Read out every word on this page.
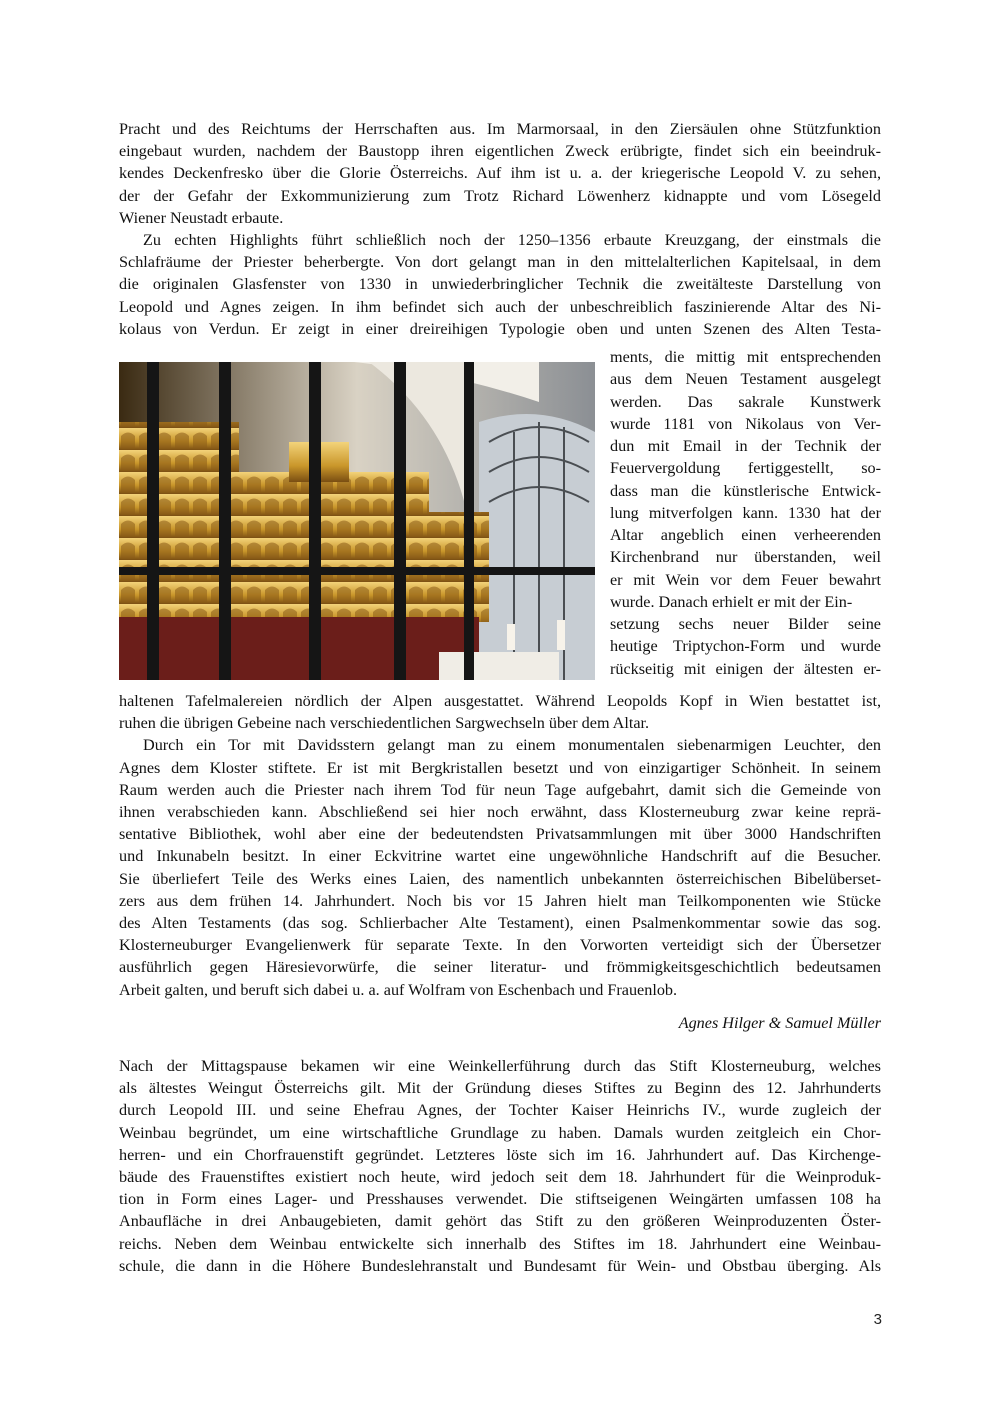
Pracht und des Reichtums der Herrschaften aus. Im Marmorsaal, in den Ziersäulen ohne Stützfunktion
eingebaut wurden, nachdem der Baustopp ihren eigentlichen Zweck erübrigte, findet sich ein beeindruk-
kendes Deckenfresko über die Glorie Österreichs. Auf ihm ist u. a. der kriegerische Leopold V. zu sehen,
der der Gefahr der Exkommunizierung zum Trotz Richard Löwenherz kidnappte und vom Lösegeld
Wiener Neustadt erbaute.
Zu echten Highlights führt schließlich noch der 1250–1356 erbaute Kreuzgang, der einstmals die
Schlafräume der Priester beherbergte. Von dort gelangt man in den mittelalterlichen Kapitelsaal, in dem
die originalen Glasfenster von 1330 in unwiederbringlicher Technik die zweitälteste Darstellung von
Leopold und Agnes zeigen. In ihm befindet sich auch der unbeschreiblich faszinierende Altar des Ni-
kolaus von Verdun. Er zeigt in einer dreireihigen Typologie oben und unten Szenen des Alten Testa-
ments, die mittig mit entsprechenden
aus dem Neuen Testament ausgelegt
werden. Das sakrale Kunstwerk
wurde 1181 von Nikolaus von Ver-
dun mit Email in der Technik der
Feuervergoldung fertiggestellt, so-
dass man die künstlerische Entwick-
lung mitverfolgen kann. 1330 hat der
Altar angeblich einen verheerenden
Kirchenbrand nur überstanden, weil
er mit Wein vor dem Feuer bewahrt
wurde. Danach erhielt er mit der Ein-
setzung sechs neuer Bilder seine
heutige Triptychon-Form und wurde
rückseitig mit einigen der ältesten er-
haltenen Tafelmalereien nördlich der Alpen ausgestattet. Während Leopolds Kopf in Wien bestattet ist,
ruhen die übrigen Gebeine nach verschiedentlichen Sargwechseln über dem Altar.
Durch ein Tor mit Davidsstern gelangt man zu einem monumentalen siebenarmigen Leuchter, den
Agnes dem Kloster stiftete. Er ist mit Bergkristallen besetzt und von einzigartiger Schönheit. In seinem
Raum werden auch die Priester nach ihrem Tod für neun Tage aufgebahrt, damit sich die Gemeinde von
ihnen verabschieden kann. Abschließend sei hier noch erwähnt, dass Klosterneuburg zwar keine reprä-
sentative Bibliothek, wohl aber eine der bedeutendsten Privatsammlungen mit über 3000 Handschriften
und Inkunabeln besitzt. In einer Eckvitrine wartet eine ungewöhnliche Handschrift auf die Besucher.
Sie überliefert Teile des Werks eines Laien, des namentlich unbekannten österreichischen Bibelüberset-
zers aus dem frühen 14. Jahrhundert. Noch bis vor 15 Jahren hielt man Teilkomponenten wie Stücke
des Alten Testaments (das sog. Schlierbacher Alte Testament), einen Psalmenkommentar sowie das sog.
Klosterneuburger Evangelienwerk für separate Texte. In den Vorworten verteidigt sich der Übersetzer
ausführlich gegen Häresievorwürfe, die seiner literatur- und frömmigkeitsgeschichtlich bedeutsamen
Arbeit galten, und beruft sich dabei u. a. auf Wolfram von Eschenbach und Frauenlob.
Agnes Hilger & Samuel Müller
Nach der Mittagspause bekamen wir eine Weinkellerführung durch das Stift Klosterneuburg, welches
als ältestes Weingut Österreichs gilt. Mit der Gründung dieses Stiftes zu Beginn des 12. Jahrhunderts
durch Leopold III. und seine Ehefrau Agnes, der Tochter Kaiser Heinrichs IV., wurde zugleich der
Weinbau begründet, um eine wirtschaftliche Grundlage zu haben. Damals wurden zeitgleich ein Chor-
herren- und ein Chorfrauenstift gegründet. Letzteres löste sich im 16. Jahrhundert auf. Das Kirchenge-
bäude des Frauenstiftes existiert noch heute, wird jedoch seit dem 18. Jahrhundert für die Weinproduk-
tion in Form eines Lager- und Presshauses verwendet. Die stiftseigenen Weingärten umfassen 108 ha
Anbaufläche in drei Anbaugebieten, damit gehört das Stift zu den größeren Weinproduzenten Öster-
reichs. Neben dem Weinbau entwickelte sich innerhalb des Stiftes im 18. Jahrhundert eine Weinbau-
schule, die dann in die Höhere Bundeslehranstalt und Bundesamt für Wein- und Obstbau überging. Als
3
